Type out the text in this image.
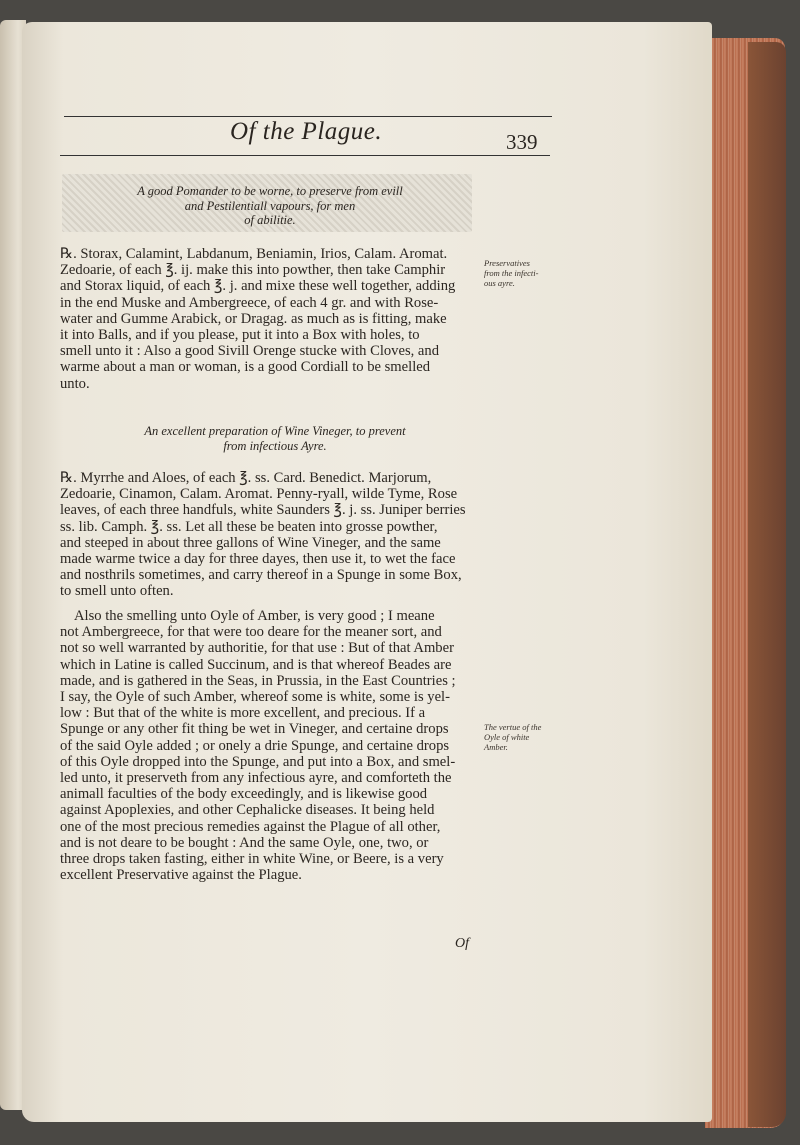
Of the Plague.	339
A good Pomander to be worne, to preserve from evill
and Pestilentiall vapours, for men
of abilitie.
℞. Storax, Calamint, Labdanum, Beniamin, Irios, Calam. Aromat.
Zedoarie, of each ℥. ij. make this into powther, then take Camphir
and Storax liquid, of each ℥. j. and mixe these well together, adding
in the end Muske and Ambergreece, of each 4 gr. and with Rose-
water and Gumme Arabick, or Dragag. as much as is fitting, make
it into Balls, and if you please, put it into a Box with holes, to
smell unto it : Also a good Sivill Orenge stucke with Cloves, and
warme about a man or woman, is a good Cordiall to be smelled
unto.
Preservatives
from the infecti-
ous ayre.
An excellent preparation of Wine Vineger, to prevent
from infectious Ayre.
℞. Myrrhe and Aloes, of each ℥. ss. Card. Benedict. Marjorum,
Zedoarie, Cinamon, Calam. Aromat. Penny-ryall, wilde Tyme, Rose
leaves, of each three handfuls, white Saunders ℥. j. ss. Juniper berries
ss. lib. Camph. ℥. ss. Let all these be beaten into grosse powther,
and steeped in about three gallons of Wine Vineger, and the same
made warme twice a day for three dayes, then use it, to wet the face
and nosthrils sometimes, and carry thereof in a Spunge in some Box,
to smell unto often.
Also the smelling unto Oyle of Amber, is very good ; I meane
not Ambergreece, for that were too deare for the meaner sort, and
not so well warranted by authoritie, for that use : But of that Amber
which in Latine is called Succinum, and is that whereof Beades are
made, and is gathered in the Seas, in Prussia, in the East Countries ;
I say, the Oyle of such Amber, whereof some is white, some is yel-
low : But that of the white is more excellent, and precious. If a
Spunge or any other fit thing be wet in Vineger, and certaine drops
of the said Oyle added ; or onely a drie Spunge, and certaine drops
of this Oyle dropped into the Spunge, and put into a Box, and smel-
led unto, it preserveth from any infectious ayre, and comforteth the
animall faculties of the body exceedingly, and is likewise good
against Apoplexies, and other Cephalicke diseases. It being held
one of the most precious remedies against the Plague of all other,
and is not deare to be bought : And the same Oyle, one, two, or
three drops taken fasting, either in white Wine, or Beere, is a very
excellent Preservative against the Plague.
The vertue of the
Oyle of white
Amber.
Of
